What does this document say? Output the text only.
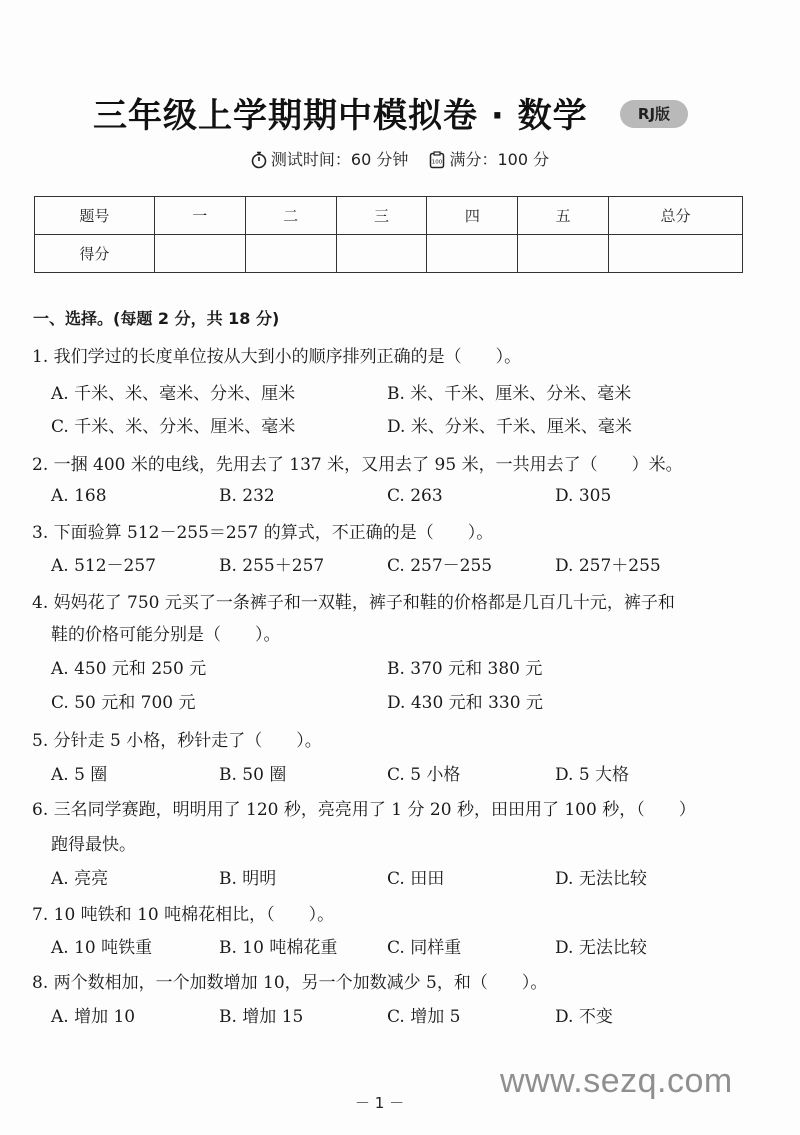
三年级上学期期中模拟卷 · 数学	RJ版
测试时间：60 分钟
	100 满分：100 分
题号	一	二	三	四	五	总分
得分						
一、选择。(每题 2 分，共 18 分)
1. 我们学过的长度单位按从大到小的顺序排列正确的是（　　）。
A. 千米、米、毫米、分米、厘米	B. 米、千米、厘米、分米、毫米
C. 千米、米、分米、厘米、毫米	D. 米、分米、千米、厘米、毫米
2. 一捆 400 米的电线，先用去了 137 米，又用去了 95 米，一共用去了（　　）米。
A. 168	B. 232	C. 263	D. 305
3. 下面验算 512－255＝257 的算式，不正确的是（　　）。
A. 512－257	B. 255＋257	C. 257－255	D. 257＋255
4. 妈妈花了 750 元买了一条裤子和一双鞋，裤子和鞋的价格都是几百几十元，裤子和
鞋的价格可能分别是（　　）。
A. 450 元和 250 元	B. 370 元和 380 元
C. 50 元和 700 元	D. 430 元和 330 元
5. 分针走 5 小格，秒针走了（　　）。
A. 5 圈	B. 50 圈	C. 5 小格	D. 5 大格
6. 三名同学赛跑，明明用了 120 秒，亮亮用了 1 分 20 秒，田田用了 100 秒，（　　）
跑得最快。
A. 亮亮	B. 明明	C. 田田	D. 无法比较
7. 10 吨铁和 10 吨棉花相比，（　　）。
A. 10 吨铁重	B. 10 吨棉花重	C. 同样重	D. 无法比较
8. 两个数相加，一个加数增加 10，另一个加数减少 5，和（　　）。
A. 增加 10	B. 增加 15	C. 增加 5	D. 不变
－ 1 －
www.sezq.com
